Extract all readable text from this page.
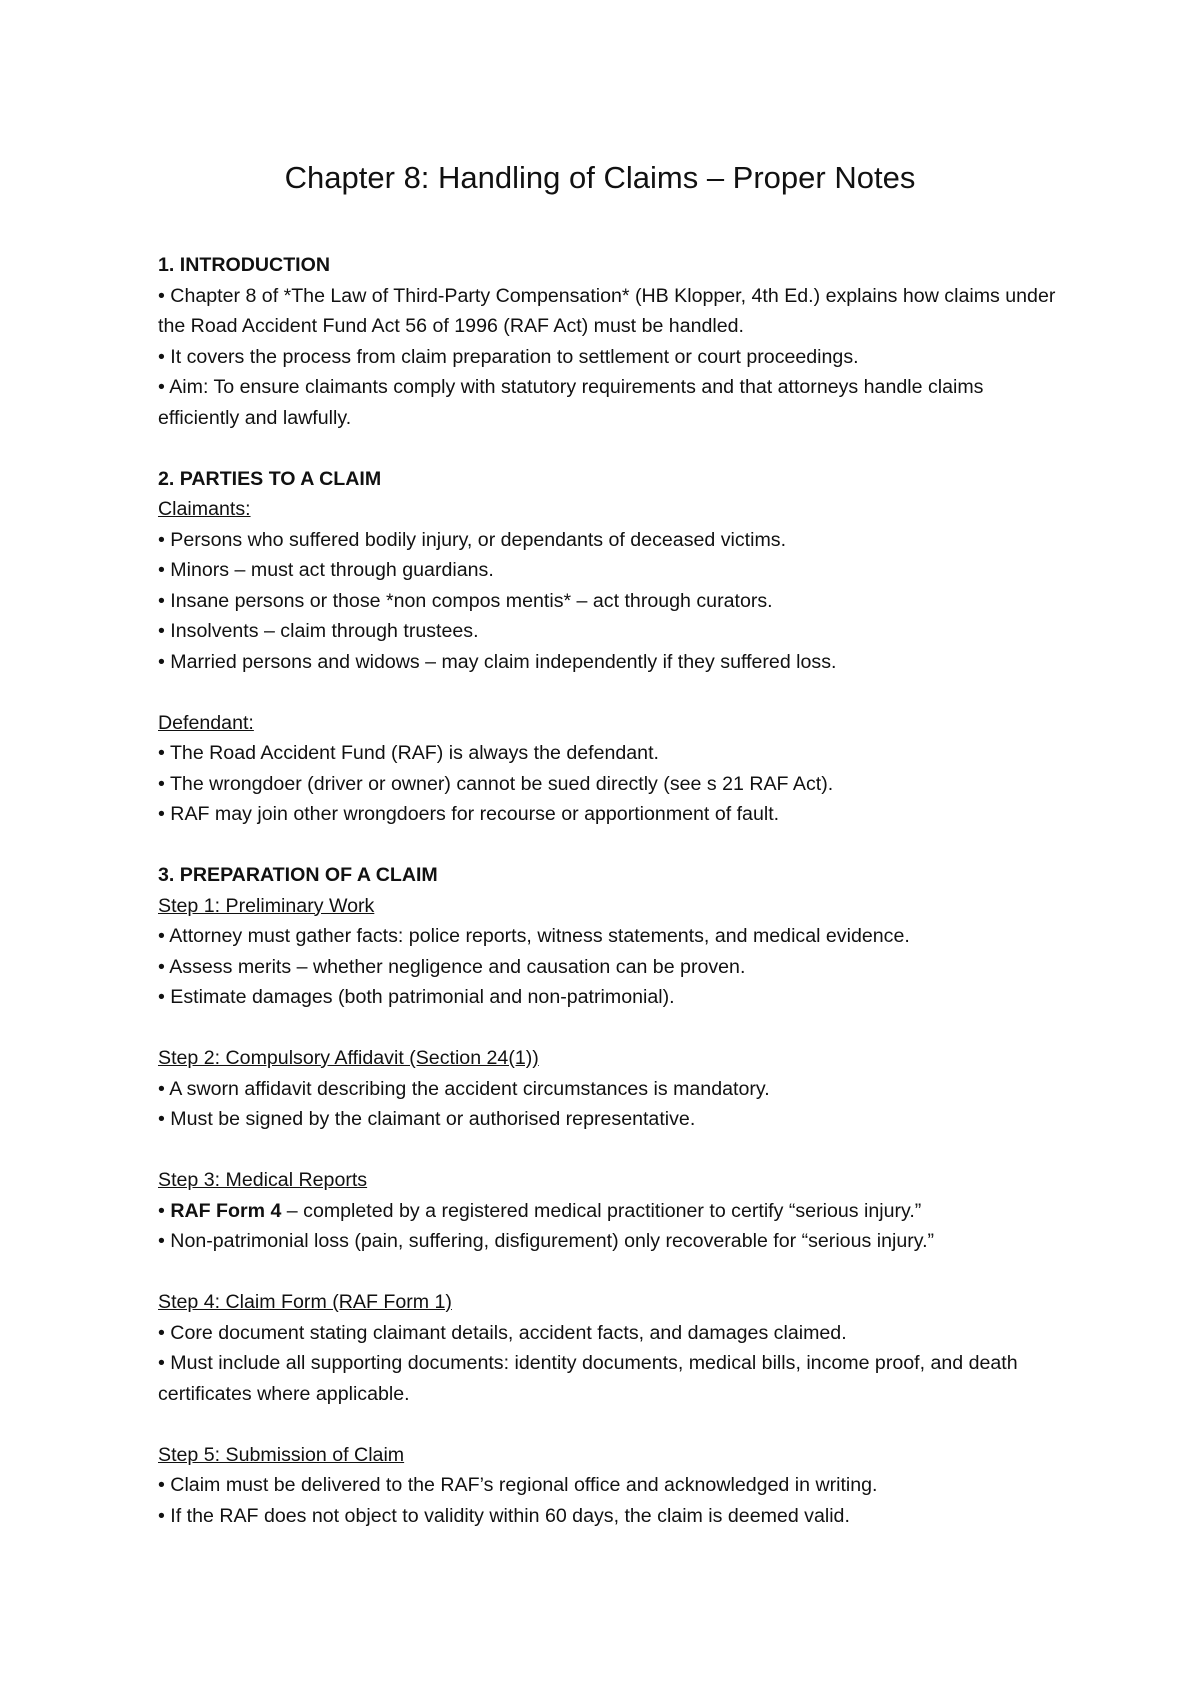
Chapter 8: Handling of Claims – Proper Notes

1. INTRODUCTION

• Chapter 8 of *The Law of Third-Party Compensation* (HB Klopper, 4th Ed.) explains how claims under the Road Accident Fund Act 56 of 1996 (RAF Act) must be handled.

• It covers the process from claim preparation to settlement or court proceedings.

• Aim: To ensure claimants comply with statutory requirements and that attorneys handle claims efficiently and lawfully.

2. PARTIES TO A CLAIM

Claimants:

• Persons who suffered bodily injury, or dependants of deceased victims.

• Minors – must act through guardians.

• Insane persons or those *non compos mentis* – act through curators.

• Insolvents – claim through trustees.

• Married persons and widows – may claim independently if they suffered loss.

Defendant:

• The Road Accident Fund (RAF) is always the defendant.

• The wrongdoer (driver or owner) cannot be sued directly (see s 21 RAF Act).

• RAF may join other wrongdoers for recourse or apportionment of fault.

3. PREPARATION OF A CLAIM

Step 1: Preliminary Work

• Attorney must gather facts: police reports, witness statements, and medical evidence.

• Assess merits – whether negligence and causation can be proven.

• Estimate damages (both patrimonial and non-patrimonial).

Step 2: Compulsory Affidavit (Section 24(1))

• A sworn affidavit describing the accident circumstances is mandatory.

• Must be signed by the claimant or authorised representative.

Step 3: Medical Reports

• RAF Form 4 – completed by a registered medical practitioner to certify “serious injury.”

• Non-patrimonial loss (pain, suffering, disfigurement) only recoverable for “serious injury.”

Step 4: Claim Form (RAF Form 1)

• Core document stating claimant details, accident facts, and damages claimed.

• Must include all supporting documents: identity documents, medical bills, income proof, and death certificates where applicable.

Step 5: Submission of Claim

• Claim must be delivered to the RAF’s regional office and acknowledged in writing.

• If the RAF does not object to validity within 60 days, the claim is deemed valid.
